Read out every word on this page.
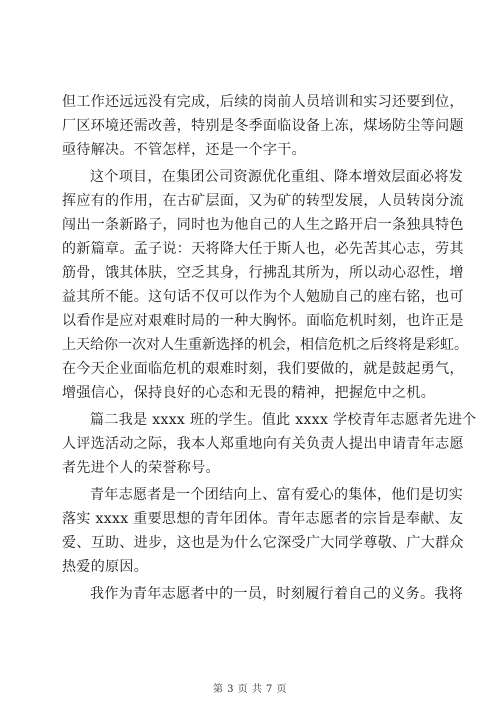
但工作还远远没有完成，后续的岗前人员培训和实习还要到位，
厂区环境还需改善，特别是冬季面临设备上冻，煤场防尘等问题
亟待解决。不管怎样，还是一个字干。
这个项目，在集团公司资源优化重组、降本增效层面必将发
挥应有的作用，在古矿层面，又为矿的转型发展，人员转岗分流
闯出一条新路子，同时也为他自己的人生之路开启一条独具特色
的新篇章。孟子说：天将降大任于斯人也，必先苦其心志，劳其
筋骨，饿其体肤，空乏其身，行拂乱其所为，所以动心忍性，增
益其所不能。这句话不仅可以作为个人勉励自己的座右铭，也可
以看作是应对艰难时局的一种大胸怀。面临危机时刻，也许正是
上天给你一次对人生重新选择的机会，相信危机之后终将是彩虹。
在今天企业面临危机的艰难时刻，我们要做的，就是鼓起勇气，
增强信心，保持良好的心态和无畏的精神，把握危中之机。
篇二我是 xxxx 班的学生。值此 xxxx 学校青年志愿者先进个
人评选活动之际，我本人郑重地向有关负责人提出申请青年志愿
者先进个人的荣誉称号。
青年志愿者是一个团结向上、富有爱心的集体，他们是切实
落实 xxxx 重要思想的青年团体。青年志愿者的宗旨是奉献、友
爱、互助、进步，这也是为什么它深受广大同学尊敬、广大群众
热爱的原因。
我作为青年志愿者中的一员，时刻履行着自己的义务。我将
第 3 页 共 7 页
